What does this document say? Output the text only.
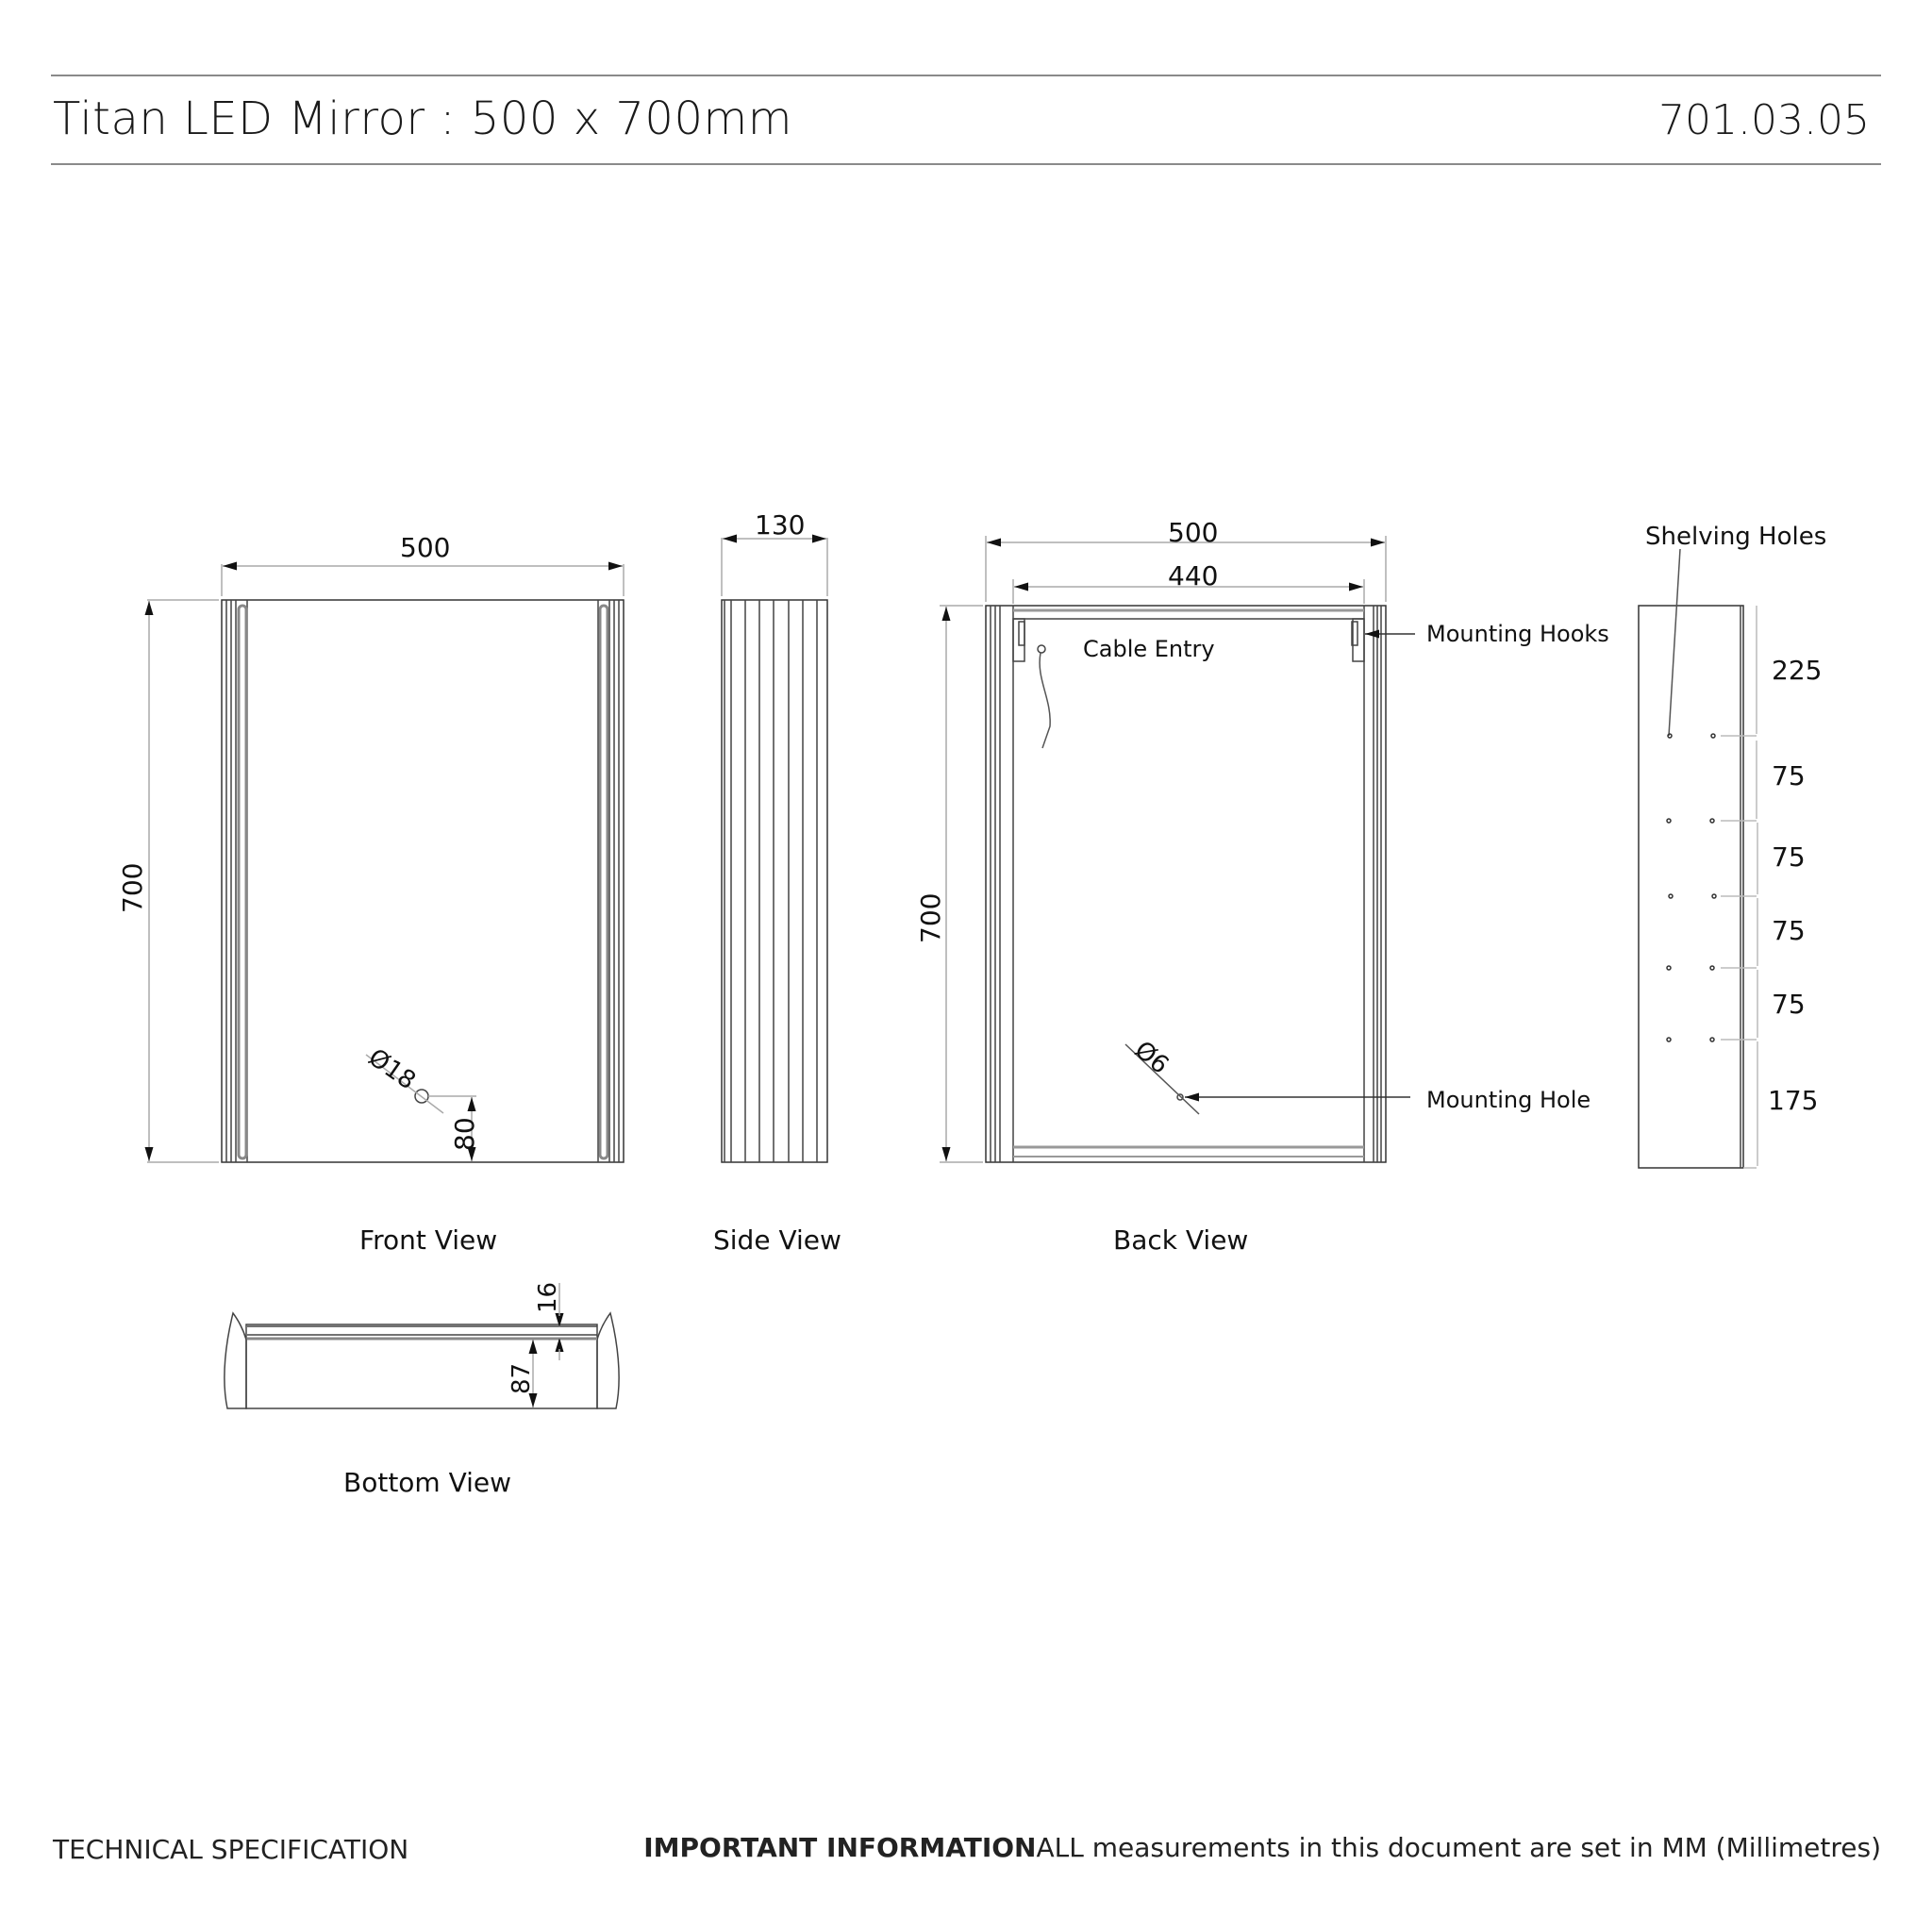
Titan LED Mirror : 500 x 700mm	701.03.05
500
700
Ø18
80
Front View
130
Side View
500
440
700
Cable Entry
Mounting Hooks
Ø6
Mounting Hole
Back View
Shelving Holes
225
75
75
75
75
175
16
87
Bottom View
TECHNICAL SPECIFICATION	IMPORTANT INFORMATIONALL measurements in this document are set in MM (Millimetres)
